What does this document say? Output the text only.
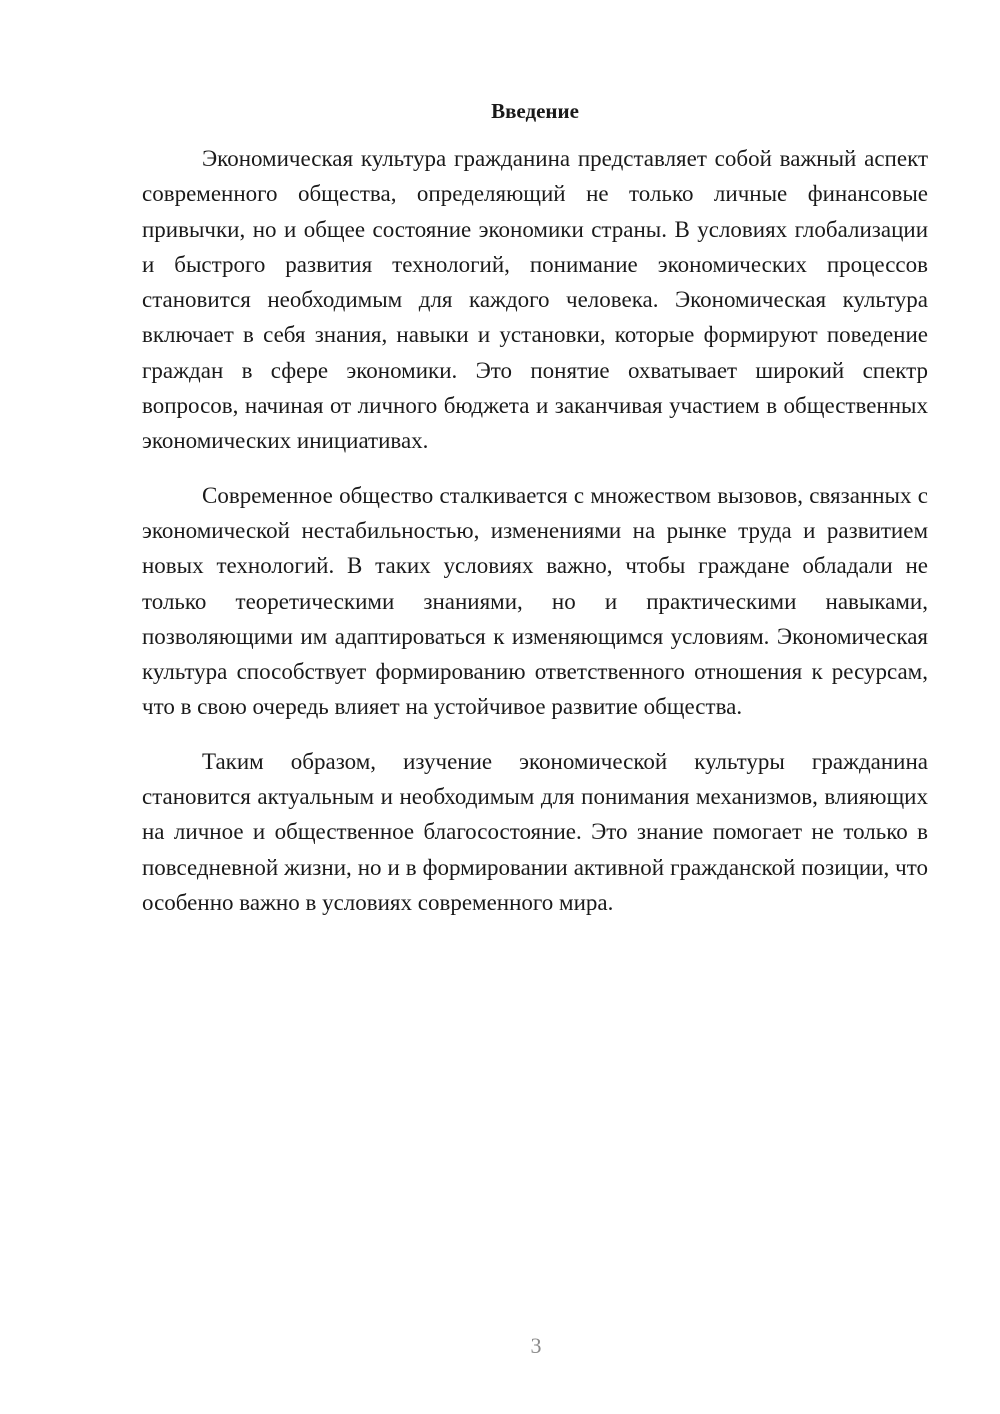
Введение

Экономическая культура гражданина представляет собой важный аспект современного общества, определяющий не только личные финансовые привычки, но и общее состояние экономики страны. В условиях глобализации и быстрого развития технологий, понимание экономических процессов становится необходимым для каждого человека. Экономическая культура включает в себя знания, навыки и установки, которые формируют поведение граждан в сфере экономики. Это понятие охватывает широкий спектр вопросов, начиная от личного бюджета и заканчивая участием в общественных экономических инициативах.

Современное общество сталкивается с множеством вызовов, связанных с экономической нестабильностью, изменениями на рынке труда и развитием новых технологий. В таких условиях важно, чтобы граждане обладали не только теоретическими знаниями, но и практическими навыками, позволяющими им адаптироваться к изменяющимся условиям. Экономическая культура способствует формированию ответственного отношения к ресурсам, что в свою очередь влияет на устойчивое развитие общества.

Таким образом, изучение экономической культуры гражданина становится актуальным и необходимым для понимания механизмов, влияющих на личное и общественное благосостояние. Это знание помогает не только в повседневной жизни, но и в формировании активной гражданской позиции, что особенно важно в условиях современного мира.

3
